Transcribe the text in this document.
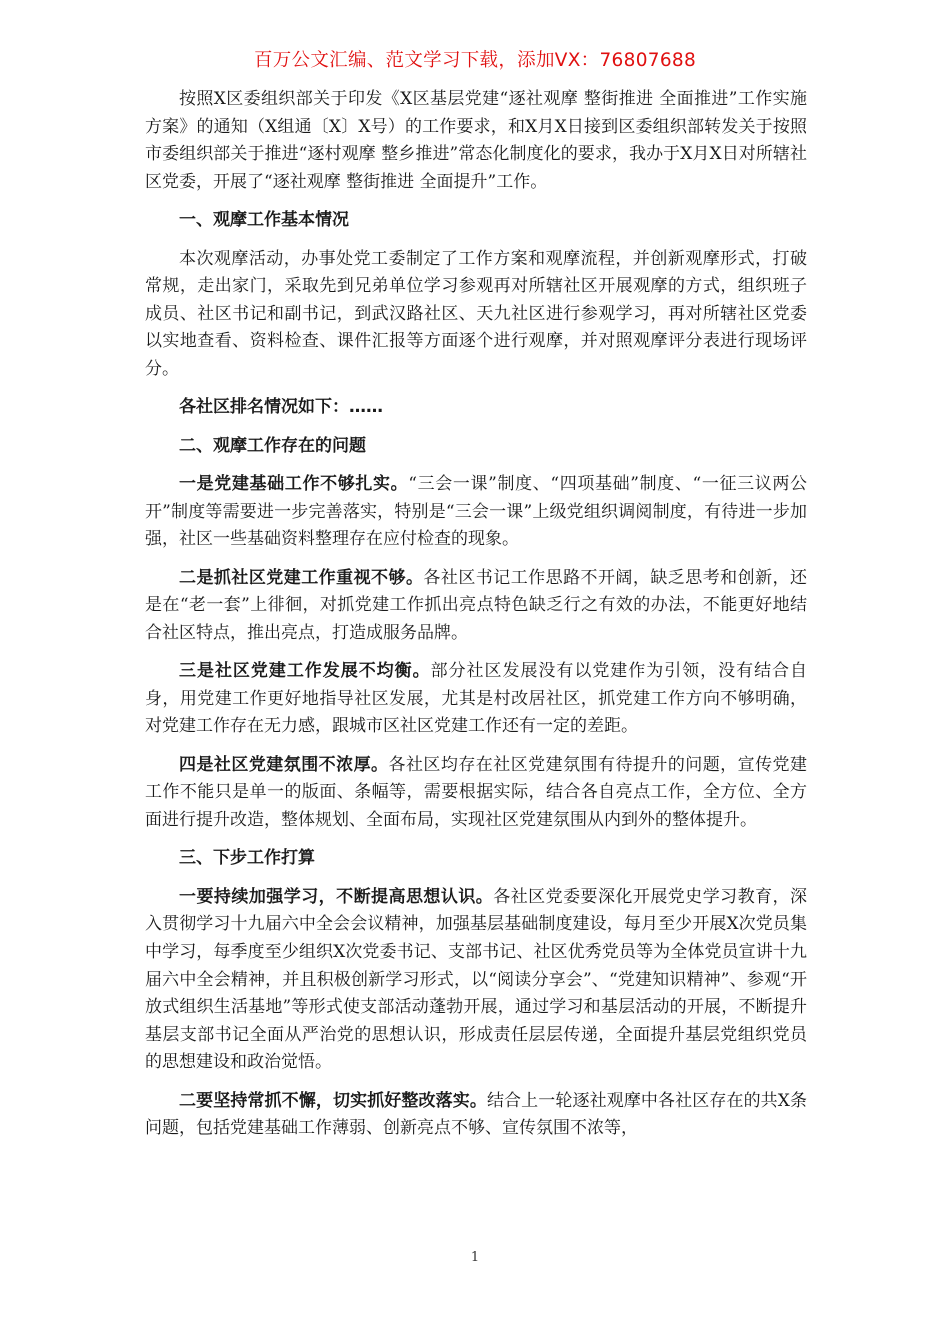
百万公文汇编、范文学习下载，添加VX：76807688

按照X区委组织部关于印发《X区基层党建“逐社观摩 整街推进 全面推进”工作实施方案》的通知（X组通〔X〕X号）的工作要求，和X月X日接到区委组织部转发关于按照市委组织部关于推进“逐村观摩 整乡推进”常态化制度化的要求，我办于X月X日对所辖社区党委，开展了“逐社观摩 整街推进 全面提升”工作。

一、观摩工作基本情况

本次观摩活动，办事处党工委制定了工作方案和观摩流程，并创新观摩形式，打破常规，走出家门，采取先到兄弟单位学习参观再对所辖社区开展观摩的方式，组织班子成员、社区书记和副书记，到武汉路社区、天九社区进行参观学习，再对所辖社区党委以实地查看、资料检查、课件汇报等方面逐个进行观摩，并对照观摩评分表进行现场评分。

各社区排名情况如下：……

二、观摩工作存在的问题

一是党建基础工作不够扎实。“三会一课”制度、“四项基础”制度、“一征三议两公开”制度等需要进一步完善落实，特别是“三会一课”上级党组织调阅制度，有待进一步加强，社区一些基础资料整理存在应付检查的现象。

二是抓社区党建工作重视不够。各社区书记工作思路不开阔，缺乏思考和创新，还是在“老一套”上徘徊，对抓党建工作抓出亮点特色缺乏行之有效的办法，不能更好地结合社区特点，推出亮点，打造成服务品牌。

三是社区党建工作发展不均衡。部分社区发展没有以党建作为引领，没有结合自身，用党建工作更好地指导社区发展，尤其是村改居社区，抓党建工作方向不够明确，对党建工作存在无力感，跟城市区社区党建工作还有一定的差距。

四是社区党建氛围不浓厚。各社区均存在社区党建氛围有待提升的问题，宣传党建工作不能只是单一的版面、条幅等，需要根据实际，结合各自亮点工作，全方位、全方面进行提升改造，整体规划、全面布局，实现社区党建氛围从内到外的整体提升。

三、下步工作打算

一要持续加强学习，不断提高思想认识。各社区党委要深化开展党史学习教育，深入贯彻学习十九届六中全会会议精神，加强基层基础制度建设，每月至少开展X次党员集中学习，每季度至少组织X次党委书记、支部书记、社区优秀党员等为全体党员宣讲十九届六中全会精神，并且积极创新学习形式，以“阅读分享会”、“党建知识精神”、参观“开放式组织生活基地”等形式使支部活动蓬勃开展，通过学习和基层活动的开展，不断提升基层支部书记全面从严治党的思想认识，形成责任层层传递，全面提升基层党组织党员的思想建设和政治觉悟。

二要坚持常抓不懈，切实抓好整改落实。结合上一轮逐社观摩中各社区存在的共X条问题，包括党建基础工作薄弱、创新亮点不够、宣传氛围不浓等，

1
